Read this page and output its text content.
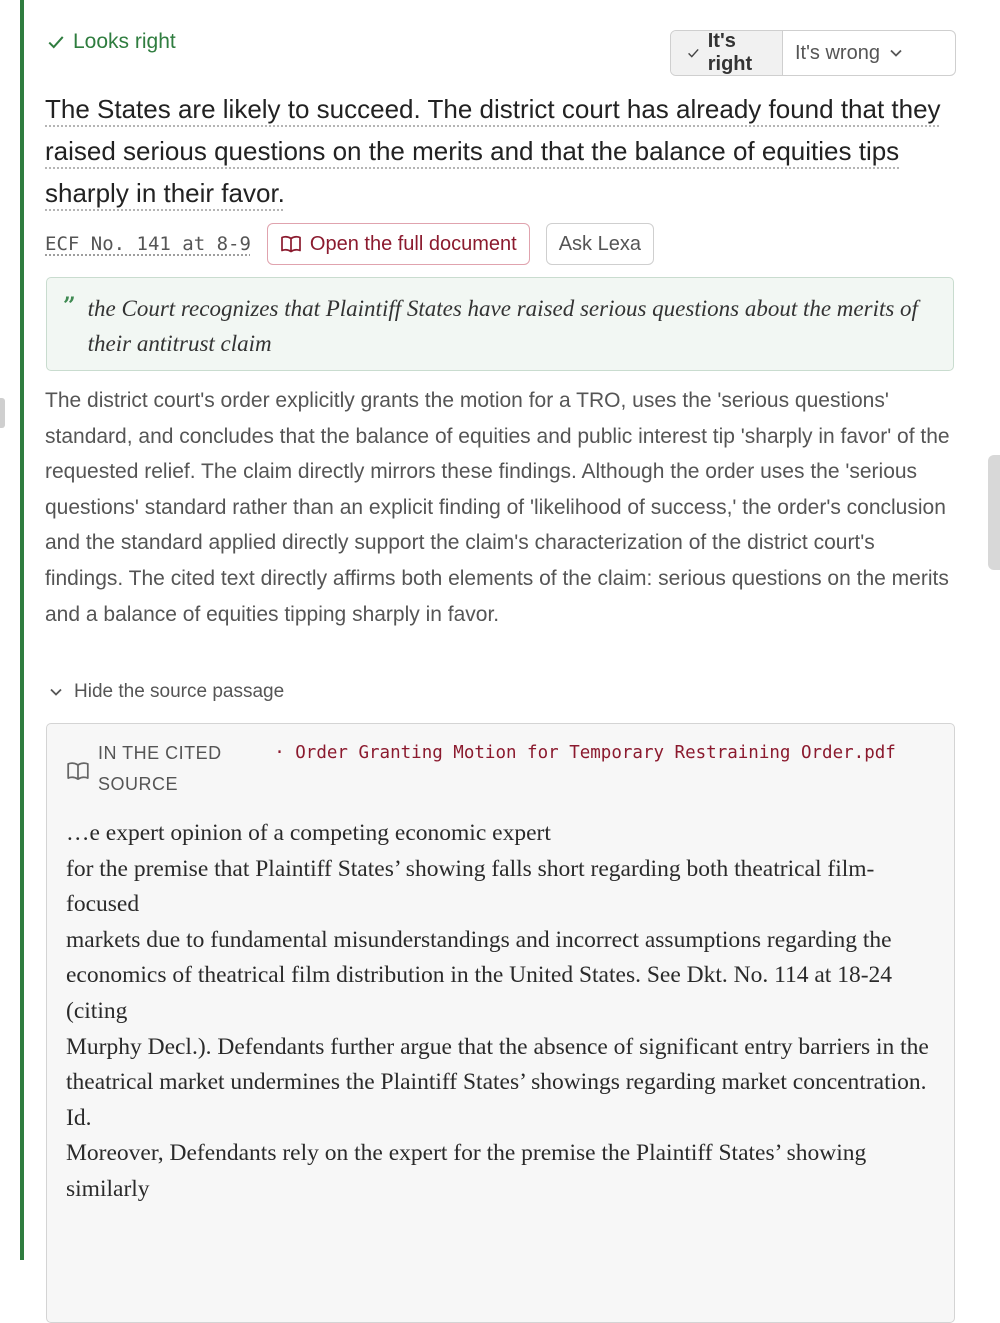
Looks right	It's right
It's wrong
The States are likely to succeed. The district court has already found that they raised serious questions on the merits and that the balance of equities tips sharply in their favor.
ECF No. 141 at 8-9	Open the full document Ask Lexa
” the Court recognizes that Plaintiff States have raised serious questions about the merits of their antitrust claim
The district court's order explicitly grants the motion for a TRO, uses the 'serious questions' standard, and concludes that the balance of equities and public interest tip 'sharply in favor' of the requested relief. The claim directly mirrors these findings. Although the order uses the 'serious questions' standard rather than an explicit finding of 'likelihood of success,' the order's conclusion and the standard applied directly support the claim's characterization of the district court's findings. The cited text directly affirms both elements of the claim: serious questions on the merits and a balance of equities tipping sharply in favor.
Hide the source passage
IN THE CITED SOURCE
· Order Granting Motion for Temporary Restraining Order.pdf
…e expert opinion of a competing economic expert
for the premise that Plaintiff States’ showing falls short regarding both theatrical film-focused
markets due to fundamental misunderstandings and incorrect assumptions regarding the
economics of theatrical film distribution in the United States. See Dkt. No. 114 at 18-24 (citing
Murphy Decl.). Defendants further argue that the absence of significant entry barriers in the
theatrical market undermines the Plaintiff States’ showings regarding market concentration. Id.
Moreover, Defendants rely on the expert for the premise the Plaintiff States’ showing similarly
